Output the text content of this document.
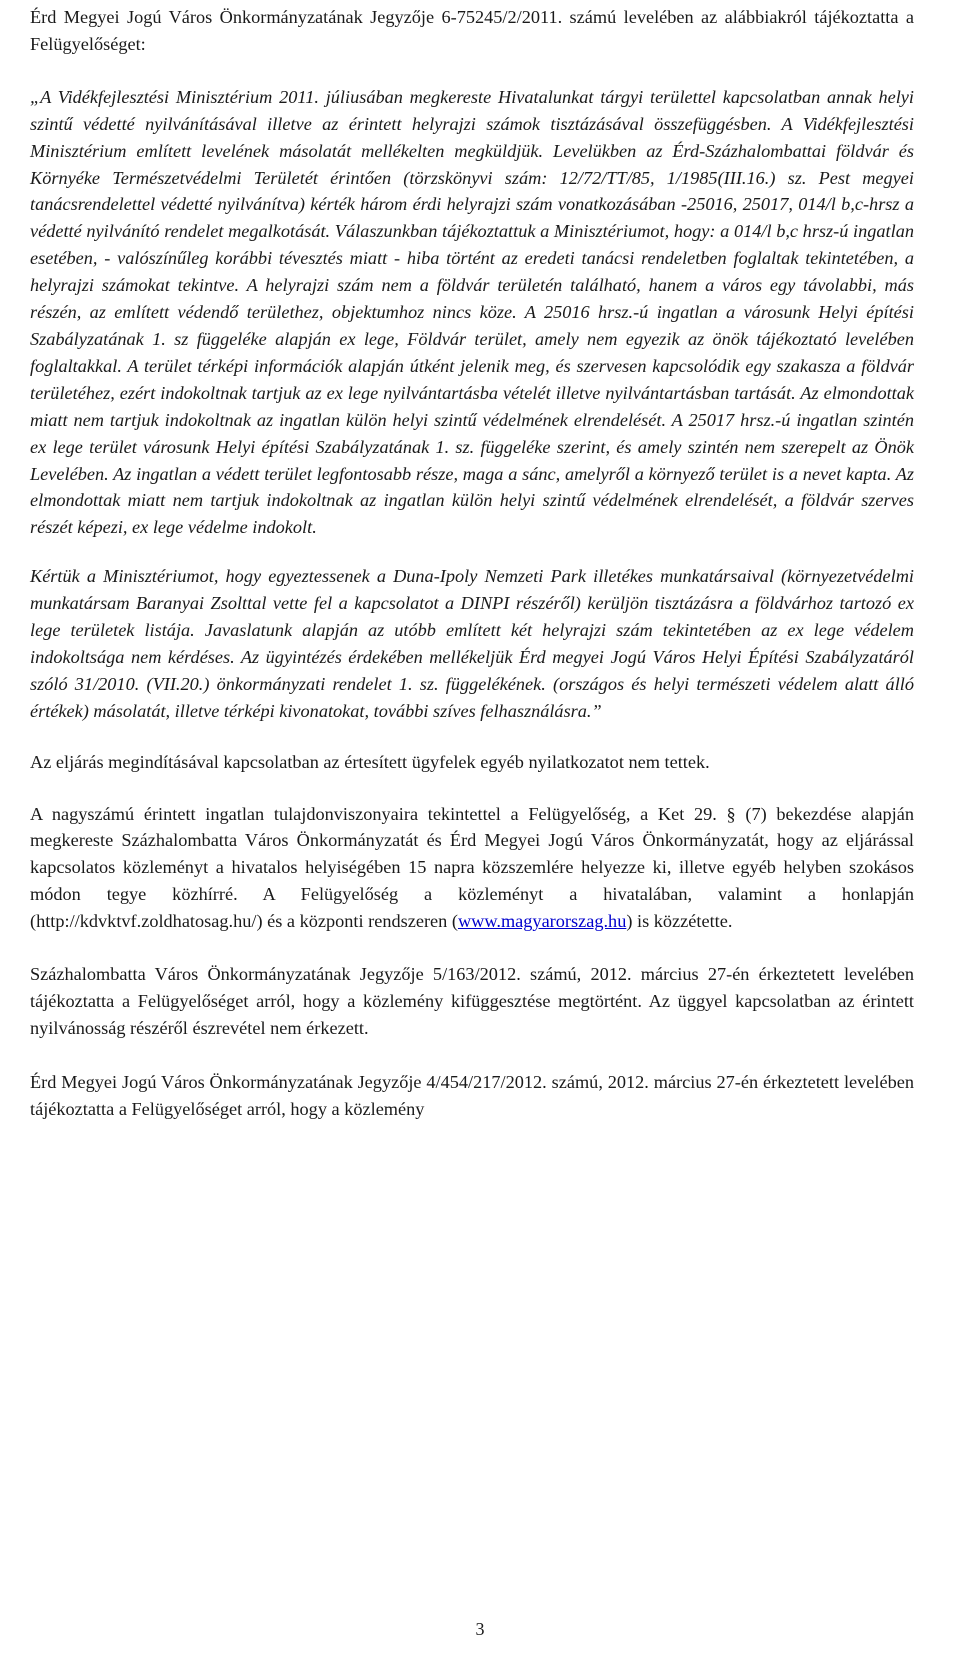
Érd Megyei Jogú Város Önkormányzatának Jegyzője 6-75245/2/2011. számú levelében az alábbiakról tájékoztatta a Felügyelőséget:

„A Vidékfejlesztési Minisztérium 2011. júliusában megkereste Hivatalunkat tárgyi területtel kapcsolatban annak helyi szintű védetté nyilvánításával illetve az érintett helyrajzi számok tisztázásával összefüggésben. A Vidékfejlesztési Minisztérium említett levelének másolatát mellékelten megküldjük. Levelükben az Érd-Százhalombattai földvár és Környéke Természetvédelmi Területét érintően (törzskönyvi szám: 12/72/TT/85, 1/1985(III.16.) sz. Pest megyei tanácsrendelettel védetté nyilvánítva) kérték három érdi helyrajzi szám vonatkozásában -25016, 25017, 014/l b,c-hrsz a védetté nyilvánító rendelet megalkotását. Válaszunkban tájékoztattuk a Minisztériumot, hogy: a 014/l b,c hrsz-ú ingatlan esetében, - valószínűleg korábbi tévesztés miatt - hiba történt az eredeti tanácsi rendeletben foglaltak tekintetében, a helyrajzi számokat tekintve. A helyrajzi szám nem a földvár területén található, hanem a város egy távolabbi, más részén, az említett védendő területhez, objektumhoz nincs köze. A 25016 hrsz.-ú ingatlan a városunk Helyi építési Szabályzatának 1. sz függeléke alapján ex lege, Földvár terület, amely nem egyezik az önök tájékoztató levelében foglaltakkal. A terület térképi információk alapján útként jelenik meg, és szervesen kapcsolódik egy szakasza a földvár területéhez, ezért indokoltnak tartjuk az ex lege nyilvántartásba vételét illetve nyilvántartásban tartását. Az elmondottak miatt nem tartjuk indokoltnak az ingatlan külön helyi szintű védelmének elrendelését. A 25017 hrsz.-ú ingatlan szintén ex lege terület városunk Helyi építési Szabályzatának 1. sz. függeléke szerint, és amely szintén nem szerepelt az Önök Levelében. Az ingatlan a védett terület legfontosabb része, maga a sánc, amelyről a környező terület is a nevet kapta. Az elmondottak miatt nem tartjuk indokoltnak az ingatlan külön helyi szintű védelmének elrendelését, a földvár szerves részét képezi, ex lege védelme indokolt.

Kértük a Minisztériumot, hogy egyeztessenek a Duna-Ipoly Nemzeti Park illetékes munkatársaival (környezetvédelmi munkatársam Baranyai Zsolttal vette fel a kapcsolatot a DINPI részéről) kerüljön tisztázásra a földvárhoz tartozó ex lege területek listája. Javaslatunk alapján az utóbb említett két helyrajzi szám tekintetében az ex lege védelem indokoltsága nem kérdéses. Az ügyintézés érdekében mellékeljük Érd megyei Jogú Város Helyi Építési Szabályzatáról szóló 31/2010. (VII.20.) önkormányzati rendelet 1. sz. függelékének. (országos és helyi természeti védelem alatt álló értékek) másolatát, illetve térképi kivonatokat, további szíves felhasználásra.”

Az eljárás megindításával kapcsolatban az értesített ügyfelek egyéb nyilatkozatot nem tettek.

A nagyszámú érintett ingatlan tulajdonviszonyaira tekintettel a Felügyelőség, a Ket 29. § (7) bekezdése alapján megkereste Százhalombatta Város Önkormányzatát és Érd Megyei Jogú Város Önkormányzatát, hogy az eljárással kapcsolatos közleményt a hivatalos helyiségében 15 napra közszemlére helyezze ki, illetve egyéb helyben szokásos módon tegye közhírré. A Felügyelőség a közleményt a hivatalában, valamint a honlapján (http://kdvktvf.zoldhatosag.hu/) és a központi rendszeren (www.magyarorszag.hu) is közzétette.

Százhalombatta Város Önkormányzatának Jegyzője 5/163/2012. számú, 2012. március 27-én érkeztetett levelében tájékoztatta a Felügyelőséget arról, hogy a közlemény kifüggesztése megtörtént. Az üggyel kapcsolatban az érintett nyilvánosság részéről észrevétel nem érkezett.

Érd Megyei Jogú Város Önkormányzatának Jegyzője 4/454/217/2012. számú, 2012. március 27-én érkeztetett levelében tájékoztatta a Felügyelőséget arról, hogy a közlemény

3
